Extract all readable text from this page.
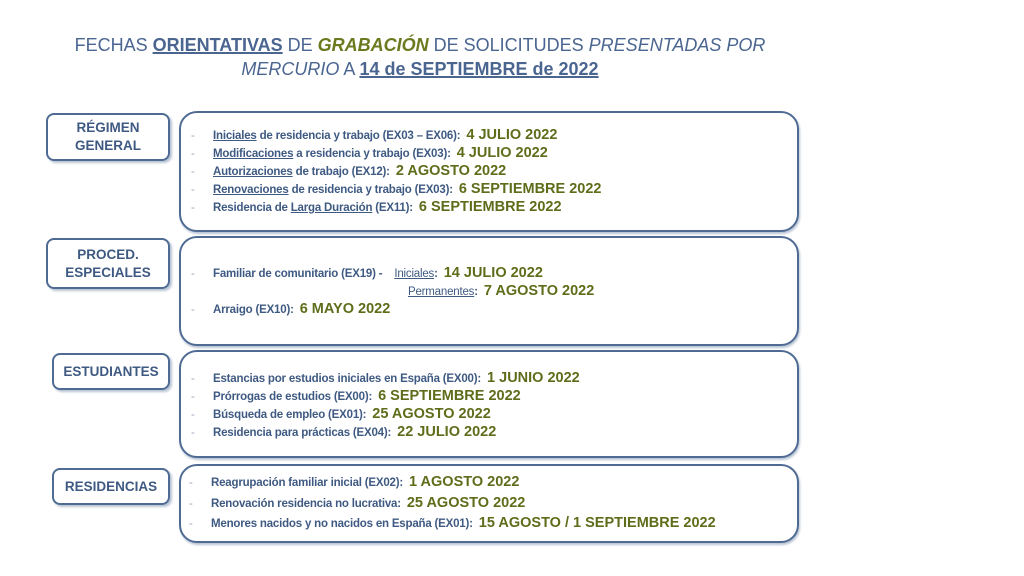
FECHAS ORIENTATIVAS DE GRABACIÓN DE SOLICITUDES PRESENTADAS POR
MERCURIO A 14 de SEPTIEMBRE de 2022
RÉGIMEN
GENERAL
- Iniciales de residencia y trabajo (EX03 – EX06): 4 JULIO 2022
- Modificaciones a residencia y trabajo (EX03): 4 JULIO 2022
- Autorizaciones de trabajo (EX12): 2 AGOSTO 2022
- Renovaciones de residencia y trabajo (EX03): 6 SEPTIEMBRE 2022
- Residencia de Larga Duración (EX11): 6 SEPTIEMBRE 2022
PROCED.
ESPECIALES	- Familiar de comunitario (EX19) - Iniciales: 14 JULIO 2022
Permanentes: 7 AGOSTO 2022
- Arraigo (EX10): 6 MAYO 2022
ESTUDIANTES
- Estancias por estudios iniciales en España (EX00): 1 JUNIO 2022
- Prórrogas de estudios (EX00): 6 SEPTIEMBRE 2022
- Búsqueda de empleo (EX01): 25 AGOSTO 2022
- Residencia para prácticas (EX04): 22 JULIO 2022
RESIDENCIAS	- Reagrupación familiar inicial (EX02): 1 AGOSTO 2022
- Renovación residencia no lucrativa: 25 AGOSTO 2022
- Menores nacidos y no nacidos en España (EX01): 15 AGOSTO / 1 SEPTIEMBRE 2022
